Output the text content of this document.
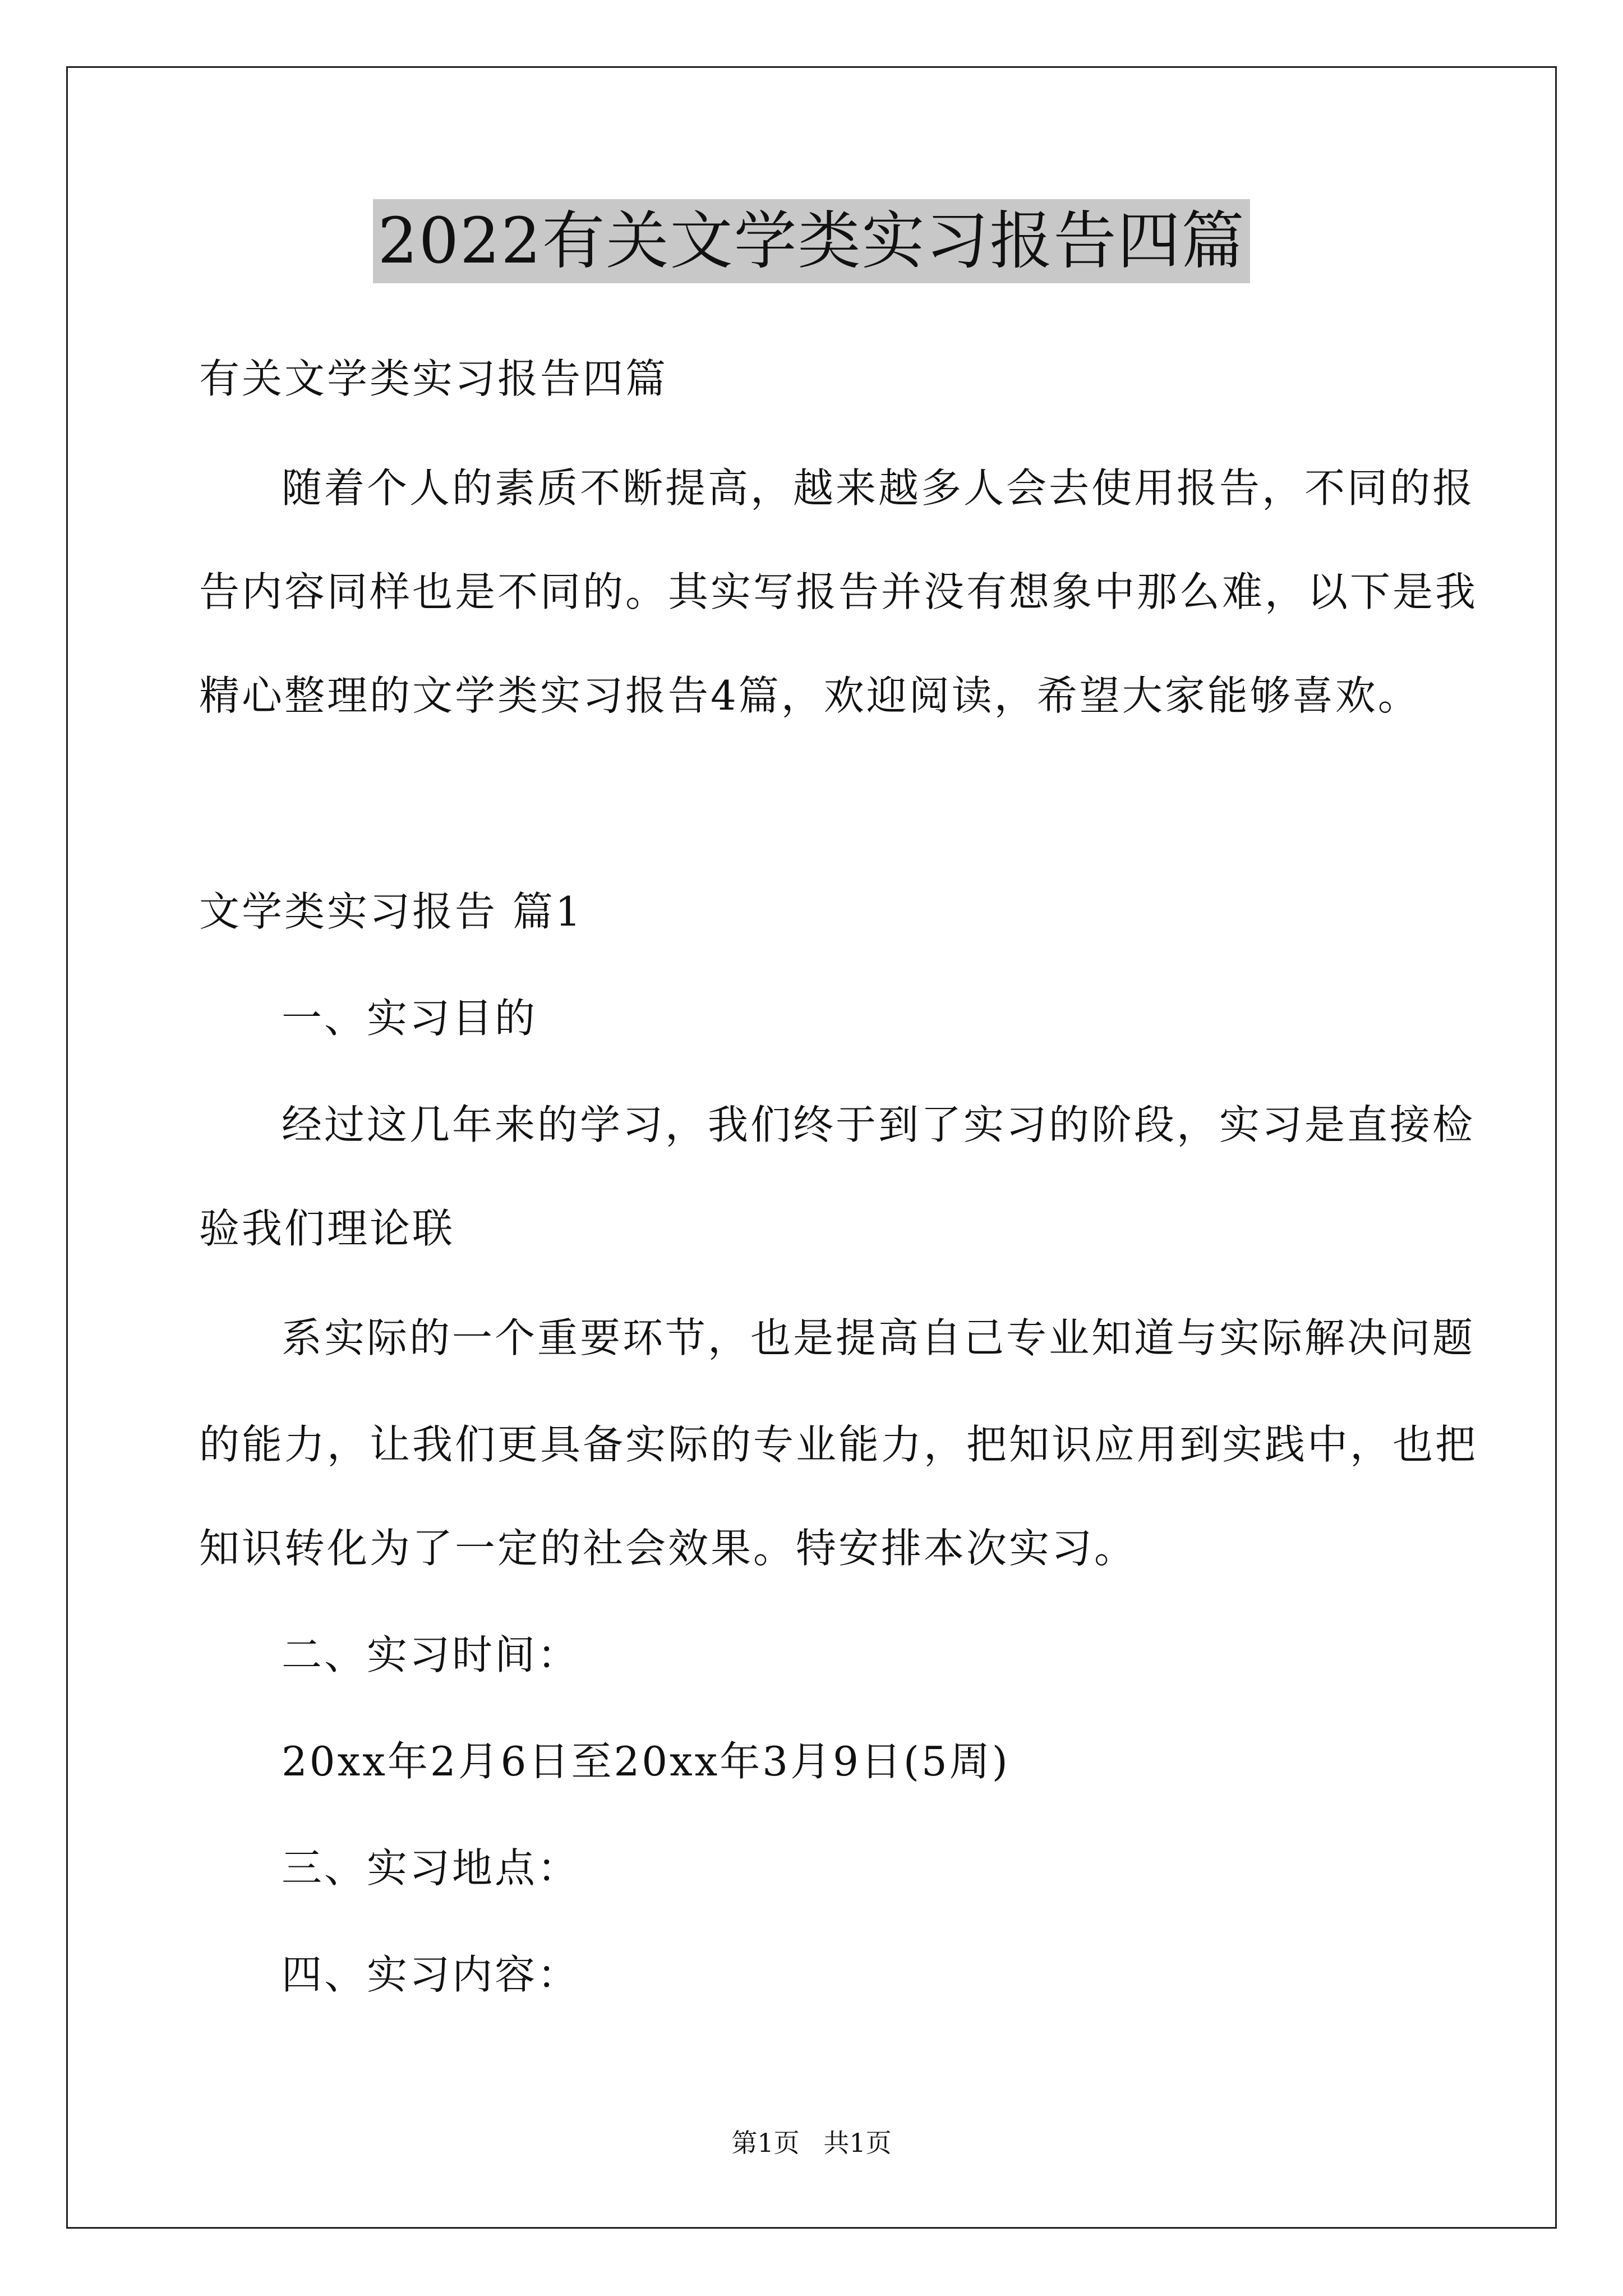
2022有关文学类实习报告四篇
有关文学类实习报告四篇
随着个人的素质不断提高，越来越多人会去使用报告，不同的报
告内容同样也是不同的。其实写报告并没有想象中那么难，以下是我
精心整理的文学类实习报告4篇，欢迎阅读，希望大家能够喜欢。
文学类实习报告 篇1
一、实习目的
经过这几年来的学习，我们终于到了实习的阶段，实习是直接检
验我们理论联
系实际的一个重要环节，也是提高自己专业知道与实际解决问题
的能力，让我们更具备实际的专业能力，把知识应用到实践中，也把
知识转化为了一定的社会效果。特安排本次实习。
二、实习时间：
20xx年2月6日至20xx年3月9日(5周)
三、实习地点：
四、实习内容：
第1页 共1页
